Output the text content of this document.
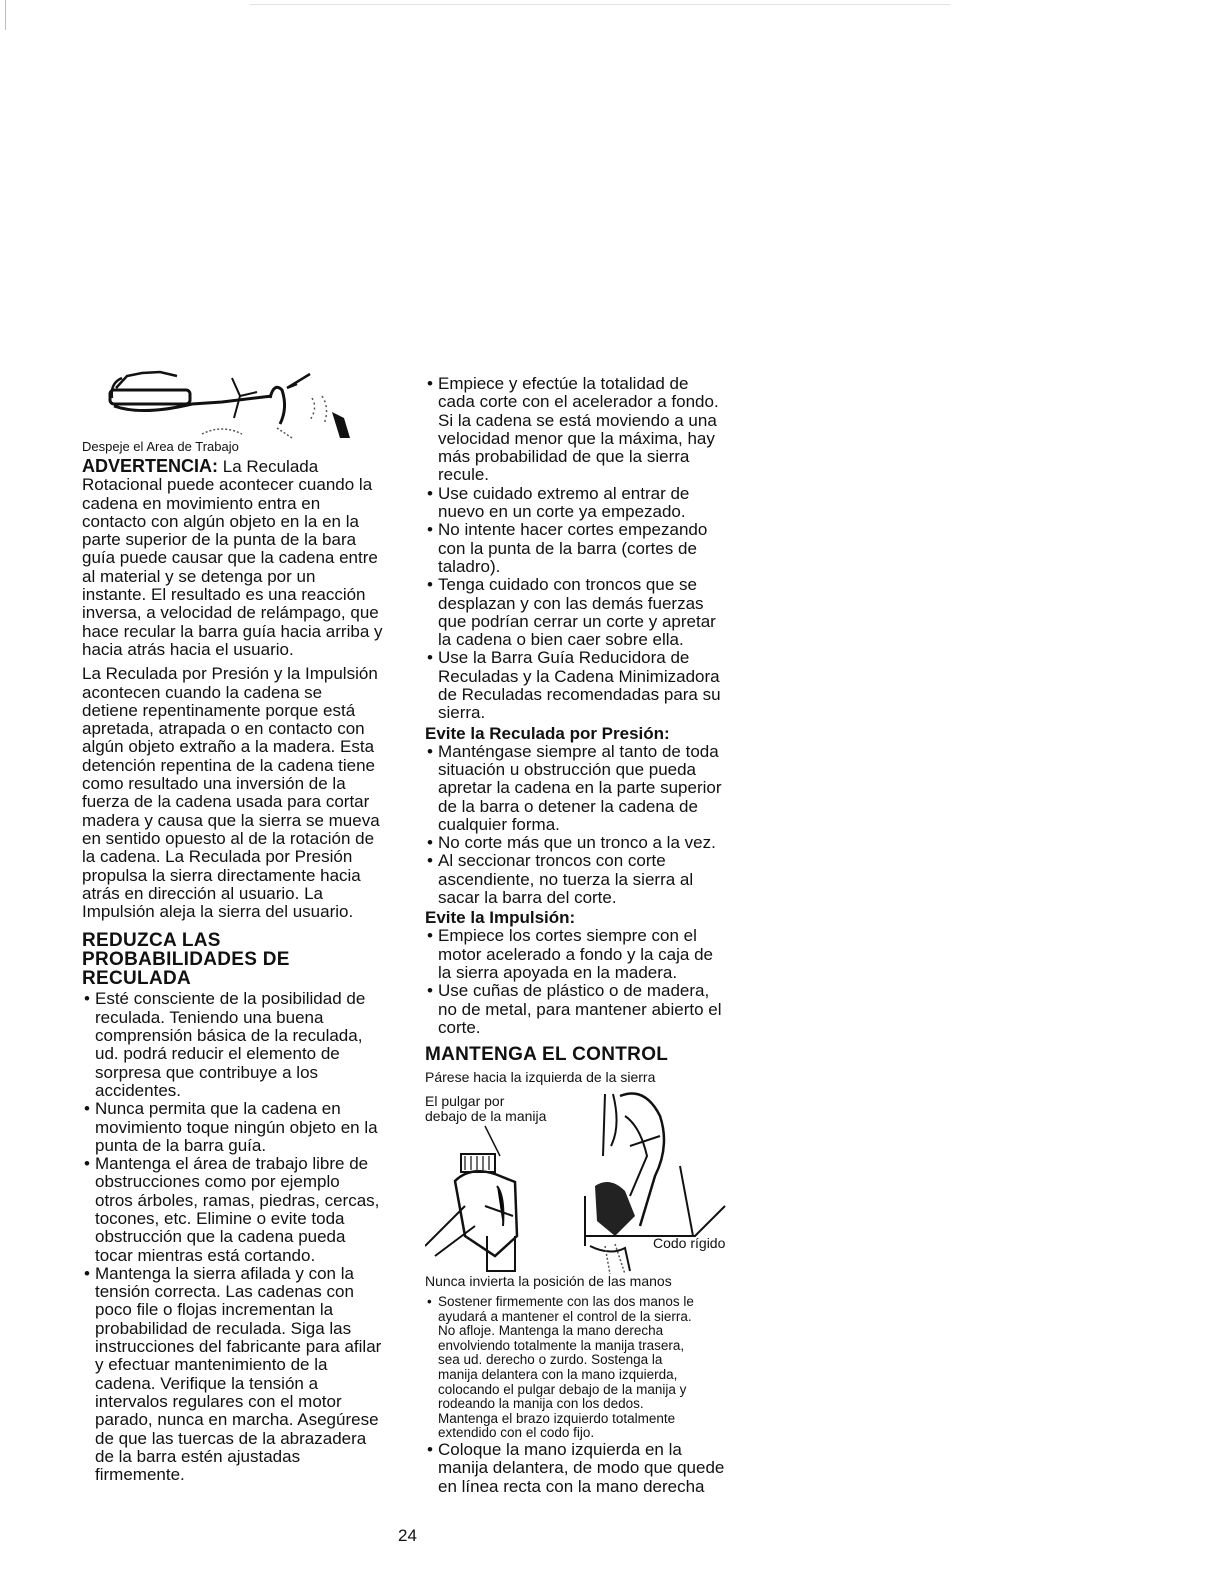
Despeje el Area de Trabajo

ADVERTENCIA: La Reculada
Rotacional puede acontecer cuando la
cadena en movimiento entra en
contacto con algún objeto en la en la
parte superior de la punta de la bara
guía puede causar que la cadena entre
al material y se detenga por un
instante. El resultado es una reacción
inversa, a velocidad de relámpago, que
hace recular la barra guía hacia arriba y
hacia atrás hacia el usuario.

La Reculada por Presión y la Impulsión
acontecen cuando la cadena se
detiene repentinamente porque está
apretada, atrapada o en contacto con
algún objeto extraño a la madera. Esta
detención repentina de la cadena tiene
como resultado una inversión de la
fuerza de la cadena usada para cortar
madera y causa que la sierra se mueva
en sentido opuesto al de la rotación de
la cadena. La Reculada por Presión
propulsa la sierra directamente hacia
atrás en dirección al usuario. La
Impulsión aleja la sierra del usuario.

REDUZCA LAS
PROBABILIDADES DE
RECULADA
• Esté consciente de la posibilidad de
reculada. Teniendo una buena
comprensión básica de la reculada,
ud. podrá reducir el elemento de
sorpresa que contribuye a los
accidentes.
• Nunca permita que la cadena en
movimiento toque ningún objeto en la
punta de la barra guía.
• Mantenga el área de trabajo libre de
obstrucciones como por ejemplo
otros árboles, ramas, piedras, cercas,
tocones, etc. Elimine o evite toda
obstrucción que la cadena pueda
tocar mientras está cortando.
• Mantenga la sierra afilada y con la
tensión correcta. Las cadenas con
poco file o flojas incrementan la
probabilidad de reculada. Siga las
instrucciones del fabricante para afilar
y efectuar mantenimiento de la
cadena. Verifique la tensión a
intervalos regulares con el motor
parado, nunca en marcha. Asegúrese
de que las tuercas de la abrazadera
de la barra estén ajustadas
firmemente.
• Empiece y efectúe la totalidad de
cada corte con el acelerador a fondo.
Si la cadena se está moviendo a una
velocidad menor que la máxima, hay
más probabilidad de que la sierra
recule.
• Use cuidado extremo al entrar de
nuevo en un corte ya empezado.
• No intente hacer cortes empezando
con la punta de la barra (cortes de
taladro).
• Tenga cuidado con troncos que se
desplazan y con las demás fuerzas
que podrían cerrar un corte y apretar
la cadena o bien caer sobre ella.
• Use la Barra Guía Reducidora de
Reculadas y la Cadena Minimizadora
de Reculadas recomendadas para su
sierra.
Evite la Reculada por Presión:
• Manténgase siempre al tanto de toda
situación u obstrucción que pueda
apretar la cadena en la parte superior
de la barra o detener la cadena de
cualquier forma.
• No corte más que un tronco a la vez.
• Al seccionar troncos con corte
ascendiente, no tuerza la sierra al
sacar la barra del corte.
Evite la Impulsión:
• Empiece los cortes siempre con el
motor acelerado a fondo y la caja de
la sierra apoyada en la madera.
• Use cuñas de plástico o de madera,
no de metal, para mantener abierto el
corte.
MANTENGA EL CONTROL
Párese hacia la izquierda de la sierra
El pulgar por
debajo de la manija
Codo rígido
Nunca invierta la posición de las manos
• Sostener firmemente con las dos manos le
ayudará a mantener el control de la sierra.
No afloje. Mantenga la mano derecha
envolviendo totalmente la manija trasera,
sea ud. derecho o zurdo. Sostenga la
manija delantera con la mano izquierda,
colocando el pulgar debajo de la manija y
rodeando la manija con los dedos.
Mantenga el brazo izquierdo totalmente
extendido con el codo fijo.
• Coloque la mano izquierda en la
manija delantera, de modo que quede
en línea recta con la mano derecha
24
